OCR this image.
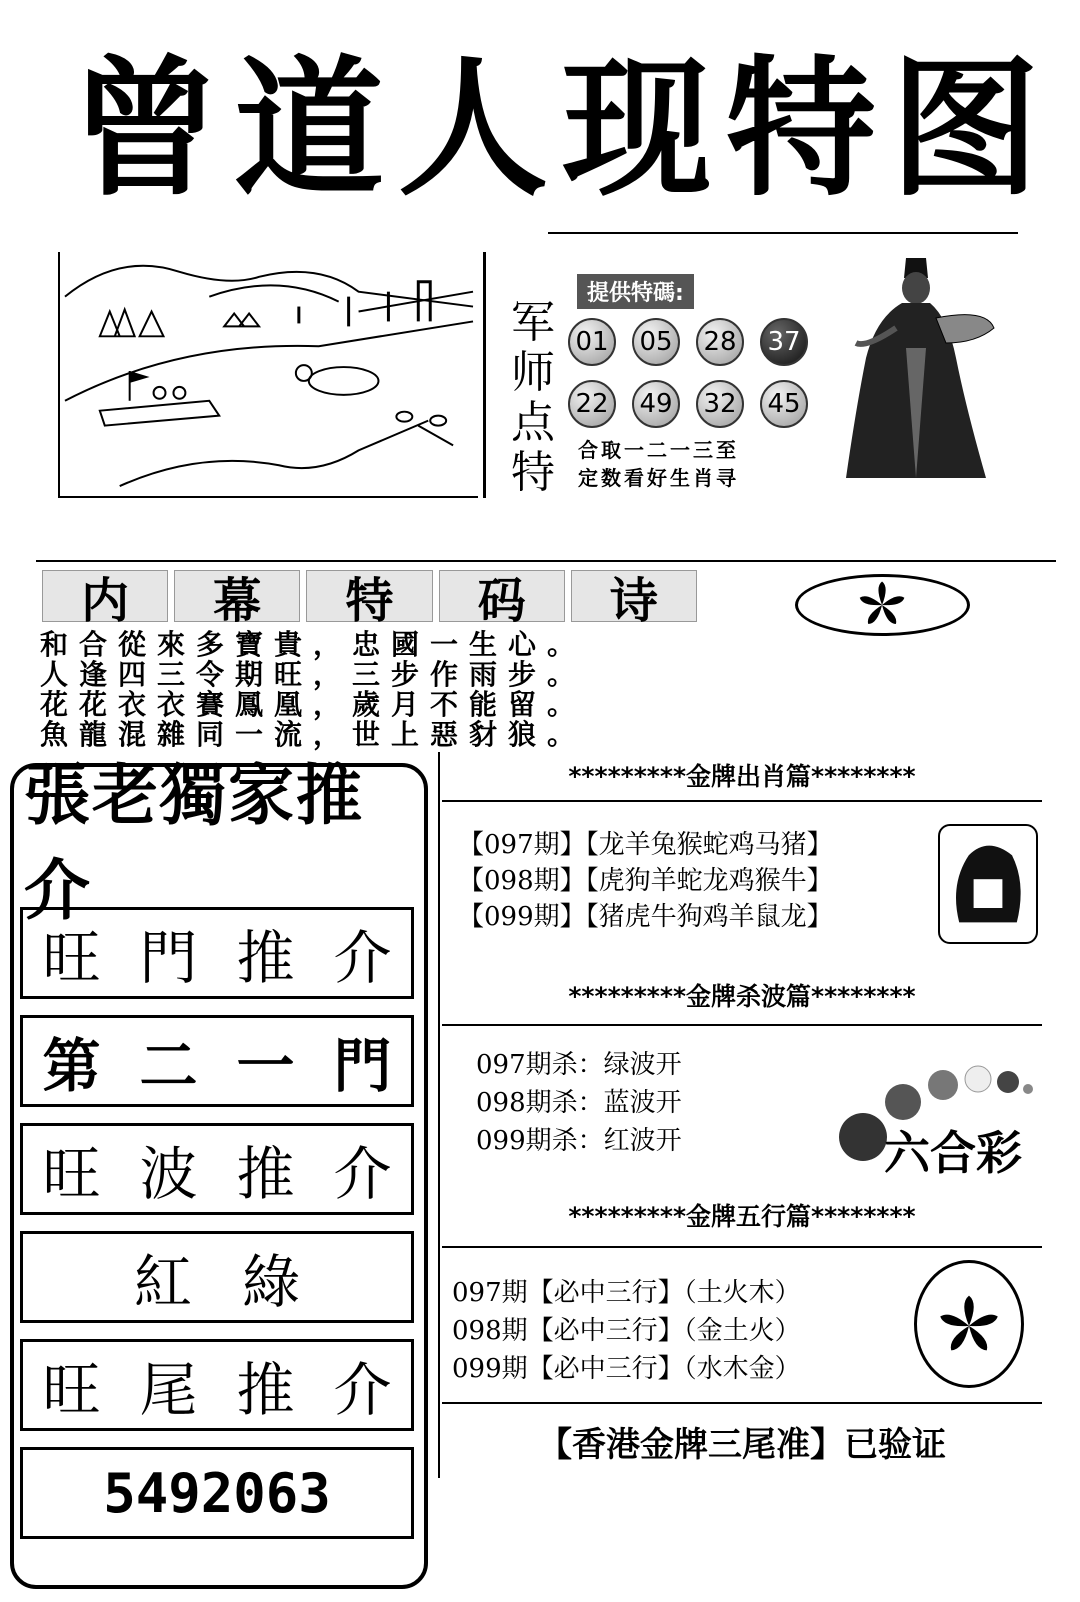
曾 道 人 现 特 图
军
师
点
特
提供特碼:
01 05 28 37
22 49 32 45
合取一二一三至
定数看好生肖寻
内	幕	特	码	诗
和合從來多寶貴，忠國一生心。
人逢四三令期旺，三步作雨步。
花花衣衣賽鳳凰，歲月不能留。
魚龍混雜同一流，世上惡豺狼。
張老獨家推介
旺 門 推 介
第 二 一 門
旺 波 推 介
紅 綠
旺 尾 推 介
5492063
*********金牌出肖篇********
【097期】【龙羊兔猴蛇鸡马猪】
【098期】【虎狗羊蛇龙鸡猴牛】
【099期】【猪虎牛狗鸡羊鼠龙】
*********金牌杀波篇********
097期杀：绿波开
098期杀：蓝波开
099期杀：红波开	六合彩
*********金牌五行篇********
097期【必中三行】（土火木）
098期【必中三行】（金土火）
099期【必中三行】（水木金）
【香港金牌三尾准】已验证
